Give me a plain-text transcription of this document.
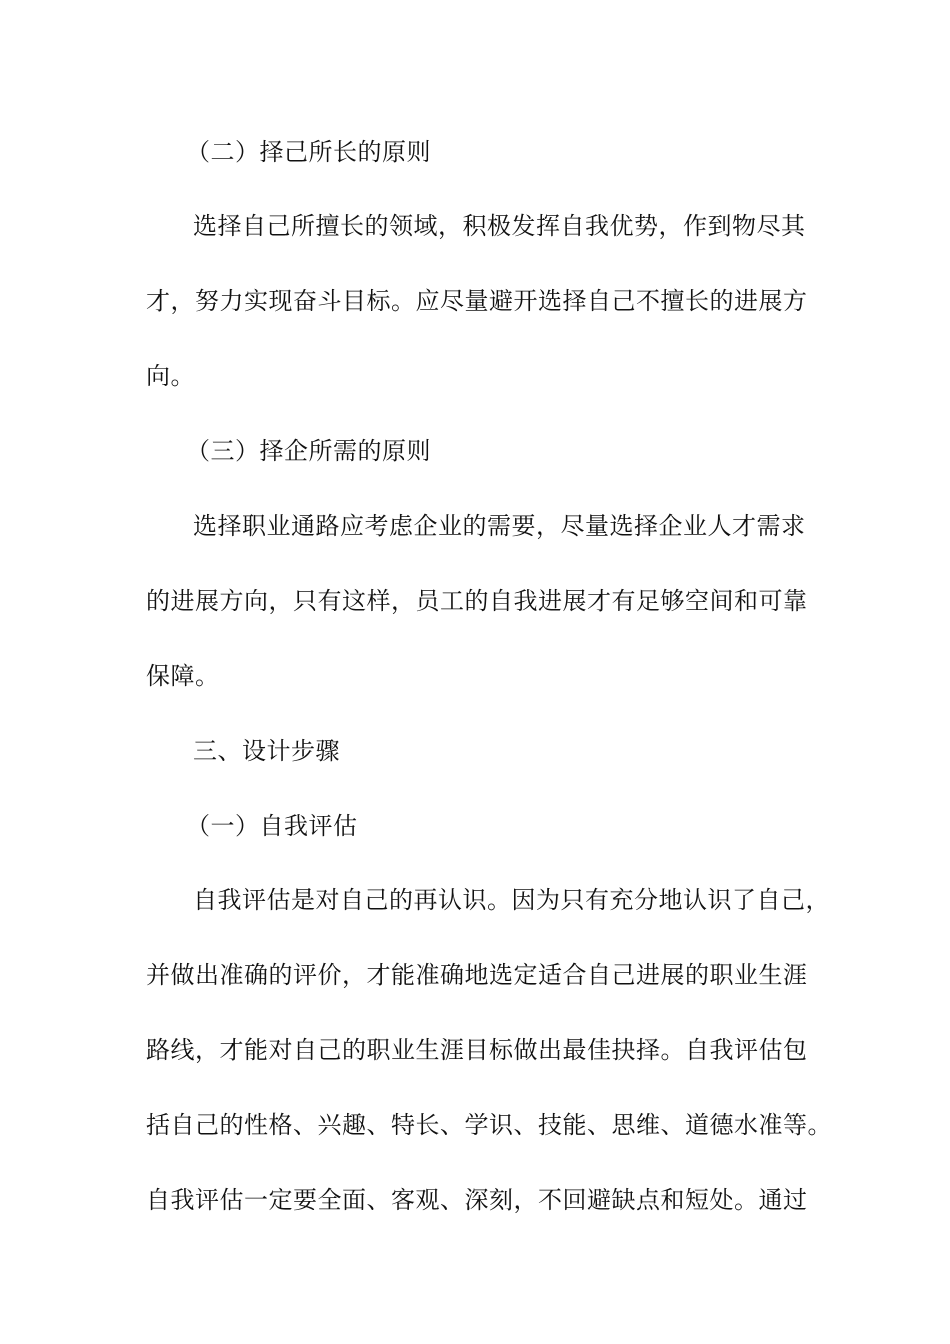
（二）择己所长的原则
选择自己所擅长的领域，积极发挥自我优势，作到物尽其
才，努力实现奋斗目标。应尽量避开选择自己不擅长的进展方
向。
（三）择企所需的原则
选择职业通路应考虑企业的需要，尽量选择企业人才需求
的进展方向，只有这样，员工的自我进展才有足够空间和可靠
保障。
三、设计步骤
（一）自我评估
自我评估是对自己的再认识。因为只有充分地认识了自己，
并做出准确的评价，才能准确地选定适合自己进展的职业生涯
路线，才能对自己的职业生涯目标做出最佳抉择。自我评估包
括自己的性格、兴趣、特长、学识、技能、思维、道德水准等。
自我评估一定要全面、客观、深刻，不回避缺点和短处。通过
